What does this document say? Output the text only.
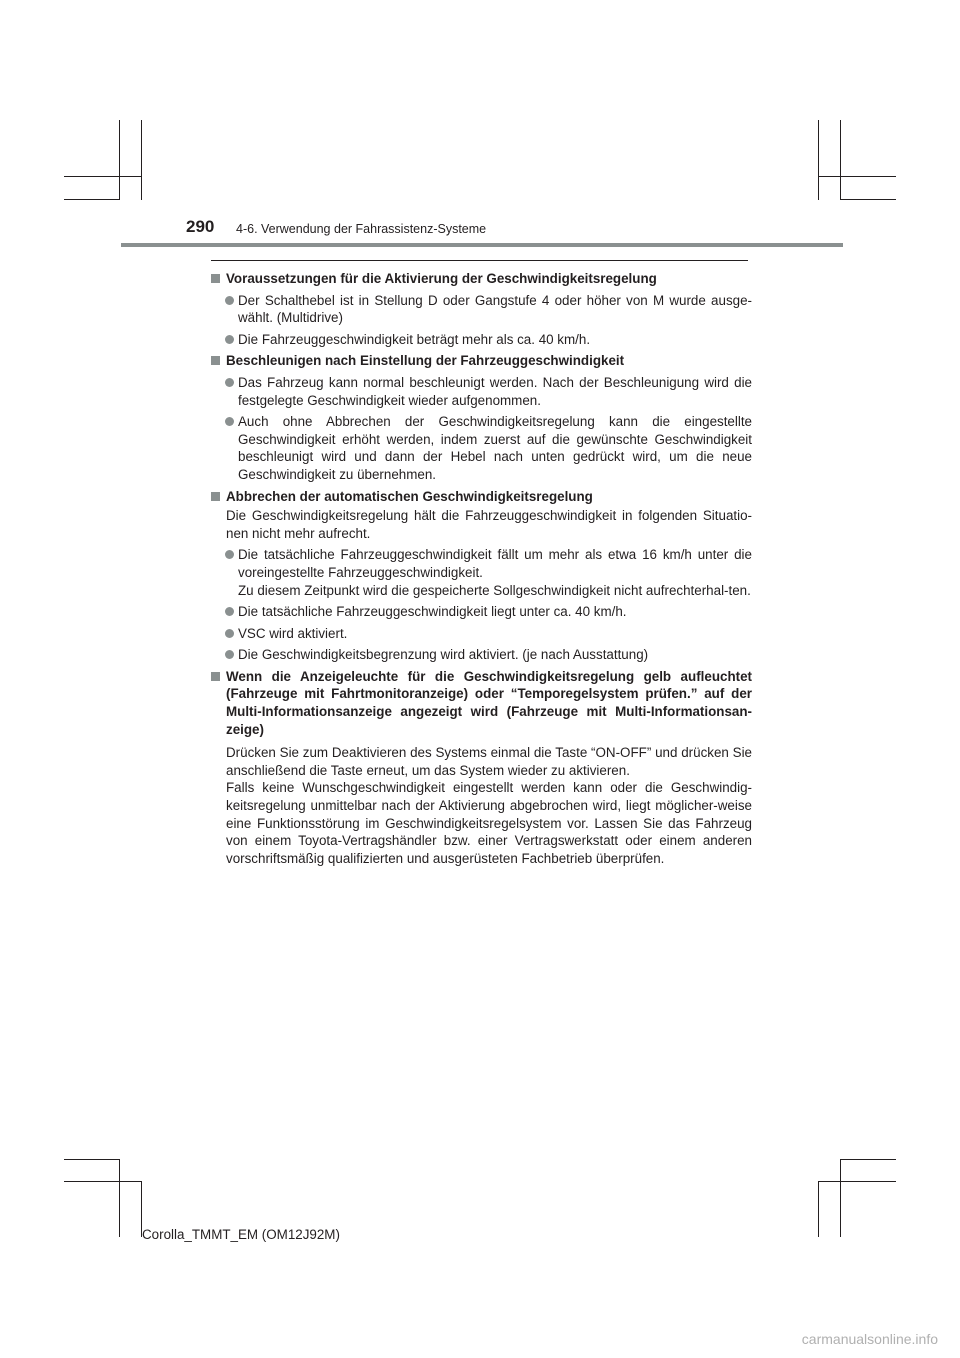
290 4-6. Verwendung der Fahrassistenz-Systeme
Voraussetzungen für die Aktivierung der Geschwindigkeitsregelung
Der Schalthebel ist in Stellung D oder Gangstufe 4 oder höher von M wurde ausge-wählt. (Multidrive)
Die Fahrzeuggeschwindigkeit beträgt mehr als ca. 40 km/h.
Beschleunigen nach Einstellung der Fahrzeuggeschwindigkeit
Das Fahrzeug kann normal beschleunigt werden. Nach der Beschleunigung wird die festgelegte Geschwindigkeit wieder aufgenommen.
Auch ohne Abbrechen der Geschwindigkeitsregelung kann die eingestellte Geschwindigkeit erhöht werden, indem zuerst auf die gewünschte Geschwindigkeit beschleunigt wird und dann der Hebel nach unten gedrückt wird, um die neue Geschwindigkeit zu übernehmen.
Abbrechen der automatischen Geschwindigkeitsregelung
Die Geschwindigkeitsregelung hält die Fahrzeuggeschwindigkeit in folgenden Situatio-nen nicht mehr aufrecht.
Die tatsächliche Fahrzeuggeschwindigkeit fällt um mehr als etwa 16 km/h unter die voreingestellte Fahrzeuggeschwindigkeit.
Zu diesem Zeitpunkt wird die gespeicherte Sollgeschwindigkeit nicht aufrechterhal-ten.
Die tatsächliche Fahrzeuggeschwindigkeit liegt unter ca. 40 km/h.
VSC wird aktiviert.
Die Geschwindigkeitsbegrenzung wird aktiviert. (je nach Ausstattung)
Wenn die Anzeigeleuchte für die Geschwindigkeitsregelung gelb aufleuchtet (Fahrzeuge mit Fahrtmonitoranzeige) oder “Temporegelsystem prüfen.” auf der Multi-Informationsanzeige angezeigt wird (Fahrzeuge mit Multi-Informationsan-zeige)
Drücken Sie zum Deaktivieren des Systems einmal die Taste “ON-OFF” und drücken Sie anschließend die Taste erneut, um das System wieder zu aktivieren.
Falls keine Wunschgeschwindigkeit eingestellt werden kann oder die Geschwindig-keitsregelung unmittelbar nach der Aktivierung abgebrochen wird, liegt möglicher-weise eine Funktionsstörung im Geschwindigkeitsregelsystem vor. Lassen Sie das Fahrzeug von einem Toyota-Vertragshändler bzw. einer Vertragswerkstatt oder einem anderen vorschriftsmäßig qualifizierten und ausgerüsteten Fachbetrieb überprüfen.
Corolla_TMMT_EM (OM12J92M)
carmanualsonline.info
